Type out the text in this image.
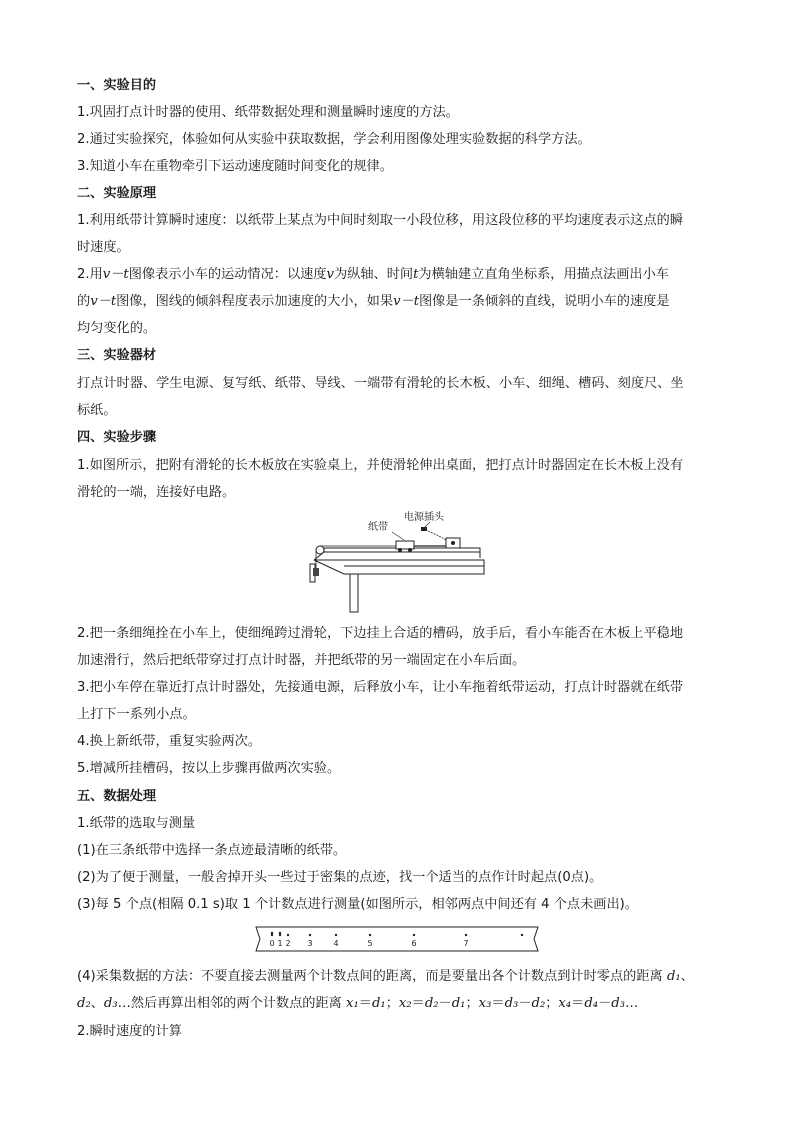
一、实验目的
1.巩固打点计时器的使用、纸带数据处理和测量瞬时速度的方法。
2.通过实验探究，体验如何从实验中获取数据，学会利用图像处理实验数据的科学方法。
3.知道小车在重物牵引下运动速度随时间变化的规律。
二、实验原理
1.利用纸带计算瞬时速度：以纸带上某点为中间时刻取一小段位移，用这段位移的平均速度表示这点的瞬
时速度。
2.用v－t图像表示小车的运动情况：以速度v为纵轴、时间t为横轴建立直角坐标系，用描点法画出小车
的v－t图像，图线的倾斜程度表示加速度的大小，如果v－t图像是一条倾斜的直线，说明小车的速度是
均匀变化的。
三、实验器材
打点计时器、学生电源、复写纸、纸带、导线、一端带有滑轮的长木板、小车、细绳、槽码、刻度尺、坐
标纸。
四、实验步骤
1.如图所示，把附有滑轮的长木板放在实验桌上，并使滑轮伸出桌面，把打点计时器固定在长木板上没有
滑轮的一端，连接好电路。
纸带
电源插头
2.把一条细绳拴在小车上，使细绳跨过滑轮，下边挂上合适的槽码，放手后，看小车能否在木板上平稳地
加速滑行，然后把纸带穿过打点计时器，并把纸带的另一端固定在小车后面。
3.把小车停在靠近打点计时器处，先接通电源，后释放小车，让小车拖着纸带运动，打点计时器就在纸带
上打下一系列小点。
4.换上新纸带，重复实验两次。
5.增减所挂槽码，按以上步骤再做两次实验。
五、数据处理
1.纸带的选取与测量
(1)在三条纸带中选择一条点迹最清晰的纸带。
(2)为了便于测量，一般舍掉开头一些过于密集的点迹，找一个适当的点作计时起点(0点)。
(3)每 5 个点(相隔 0.1 s)取 1 个计数点进行测量(如图所示，相邻两点中间还有 4 个点未画出)。
0 1 2 3	4	5	6	7
(4)采集数据的方法：不要直接去测量两个计数点间的距离，而是要量出各个计数点到计时零点的距离 d₁、
d₂、d₃…然后再算出相邻的两个计数点的距离 x₁＝d₁；x₂＝d₂－d₁；x₃＝d₃－d₂；x₄＝d₄－d₃…
2.瞬时速度的计算
